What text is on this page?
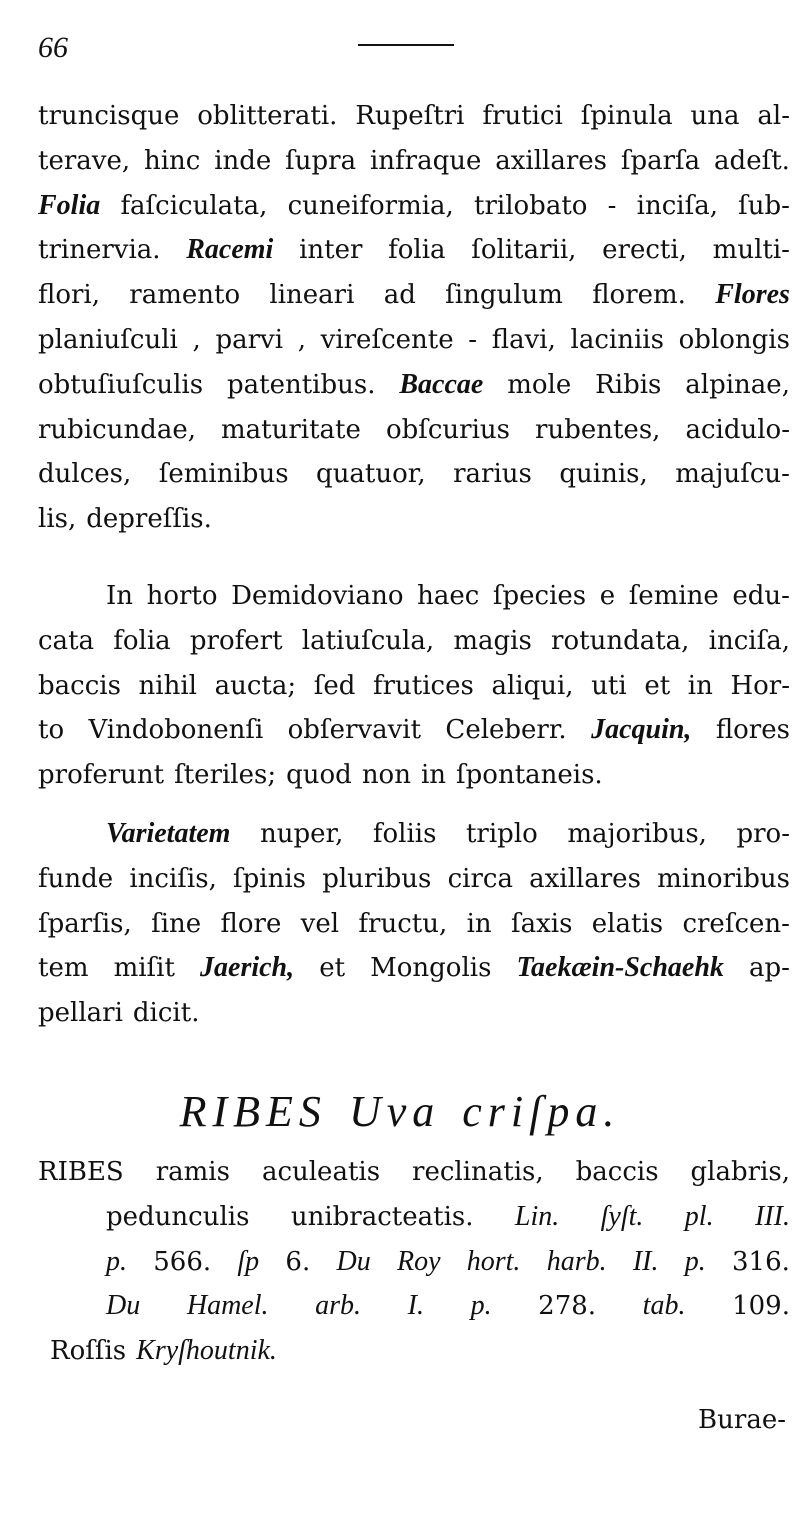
66
truncisque oblitterati. Rupeſtri frutici ſpinula una al-
terave, hinc inde ſupra infraque axillares ſparſa adeſt.
Folia faſciculata, cuneiformia, trilobato - inciſa, ſub-
trinervia. Racemi inter folia ſolitarii, erecti, multi-
flori, ramento lineari ad ſingulum florem. Flores
planiuſculi , parvi , vireſcente - flavi, laciniis oblongis
obtuſiuſculis patentibus. Baccae mole Ribis alpinae,
rubicundae, maturitate obſcurius rubentes, acidulo-
dulces, ſeminibus quatuor, rarius quinis, majuſcu-
lis, depreſſis.
In horto Demidoviano haec ſpecies e ſemine edu-
cata folia profert latiuſcula, magis rotundata, inciſa,
baccis nihil aucta; ſed frutices aliqui, uti et in Hor-
to Vindobonenſi obſervavit Celeberr. Jacquin, flores
proferunt ſteriles; quod non in ſpontaneis.
Varietatem nuper, foliis triplo majoribus, pro-
funde inciſis, ſpinis pluribus circa axillares minoribus
ſparſis, ſine flore vel fructu, in ſaxis elatis creſcen-
tem miſit Jaerich, et Mongolis Taekæin-Schaehk ap-
pellari dicit.
RIBES Uva criſpa.
RIBES ramis aculeatis reclinatis, baccis glabris,
pedunculis unibracteatis. Lin. ſyſt. pl. III.
p. 566. ſp 6. Du Roy hort. harb. II. p. 316.
Du Hamel. arb. I. p. 278. tab. 109.
Roſſis Kryſhoutnik.
Burae-
